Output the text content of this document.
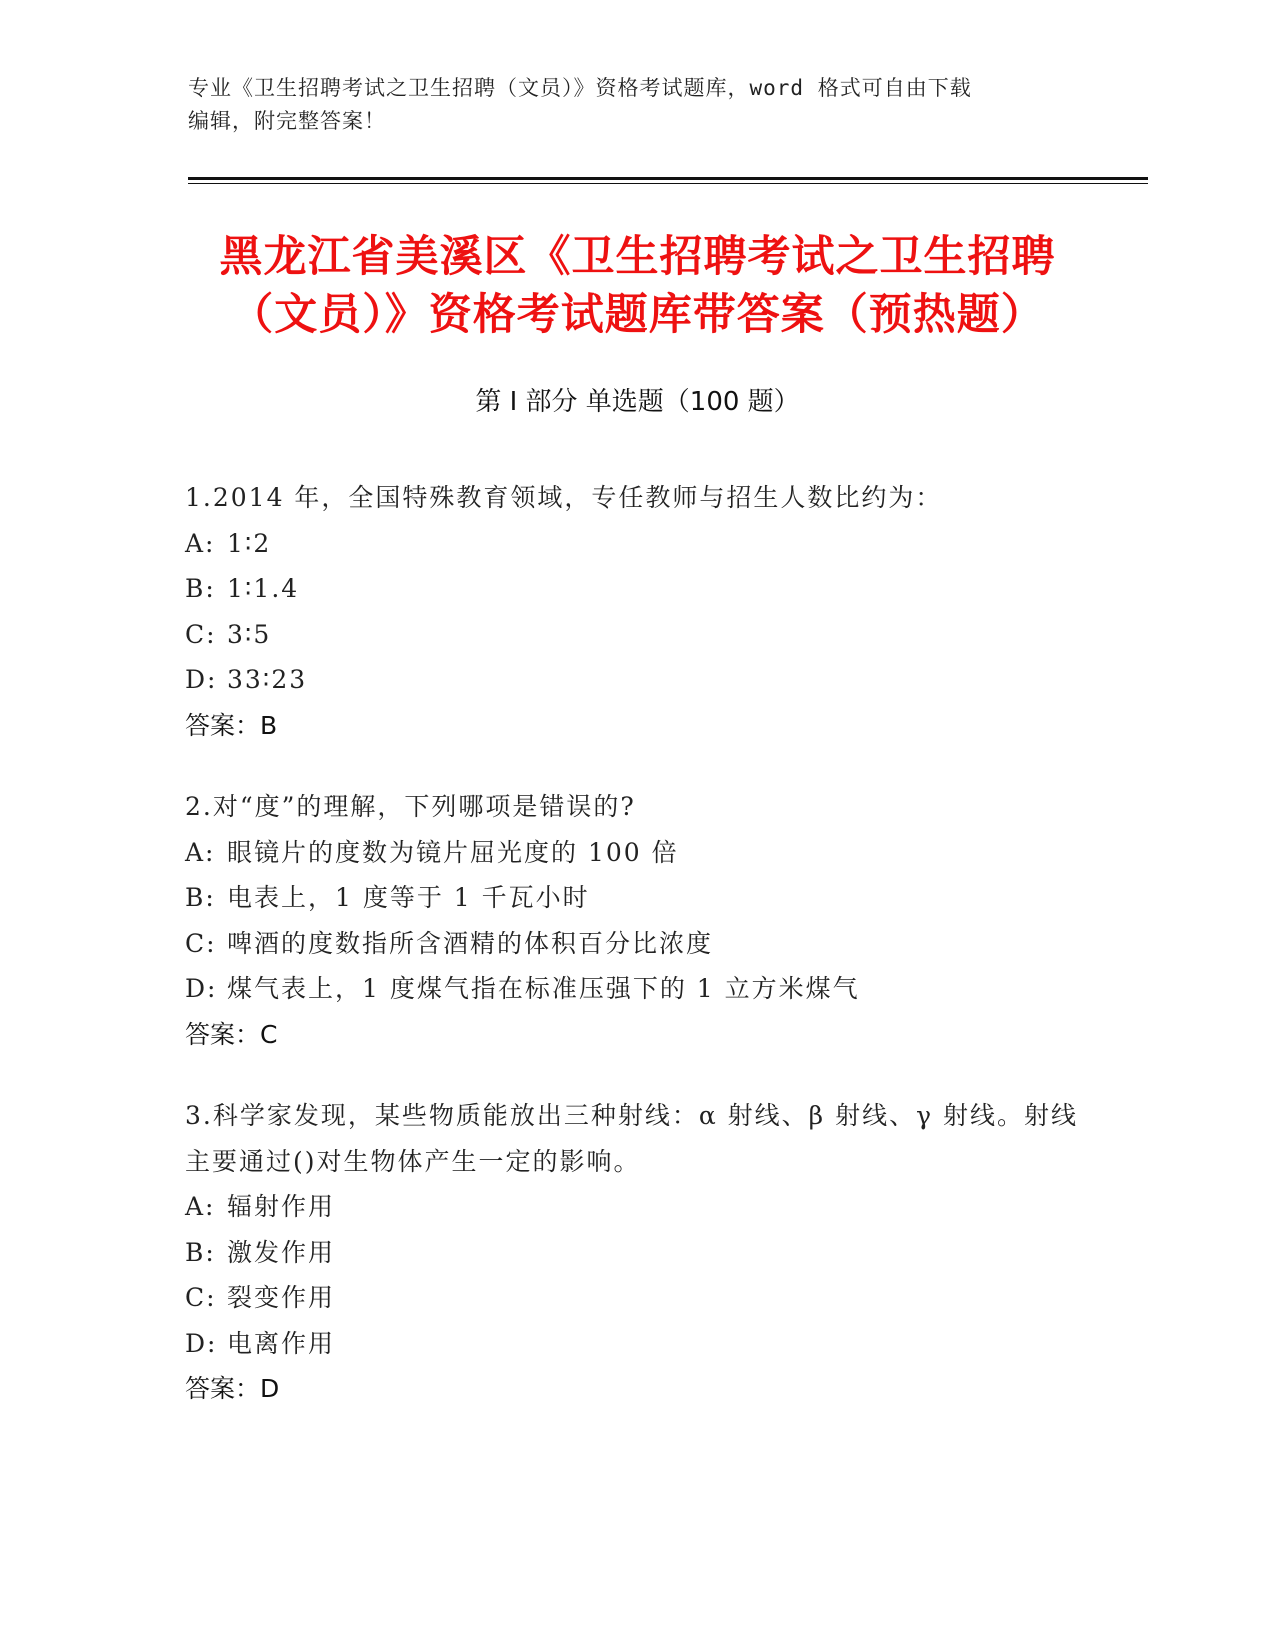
专业《卫生招聘考试之卫生招聘（文员）》资格考试题库，word 格式可自由下载
编辑，附完整答案！
黑龙江省美溪区《卫生招聘考试之卫生招聘
（文员）》资格考试题库带答案（预热题）
第 I 部分 单选题（100 题）
1.2014 年，全国特殊教育领域，专任教师与招生人数比约为：
A: 1∶2
B: 1∶1.4
C: 3∶5
D: 33∶23
答案：B
2.对“度”的理解，下列哪项是错误的?
A: 眼镜片的度数为镜片屈光度的 100 倍
B: 电表上，1 度等于 1 千瓦小时
C: 啤酒的度数指所含酒精的体积百分比浓度
D: 煤气表上，1 度煤气指在标准压强下的 1 立方米煤气
答案：C
3.科学家发现，某些物质能放出三种射线：α 射线、β 射线、γ 射线。射线主要通过()对生物体产生一定的影响。
A: 辐射作用
B: 激发作用
C: 裂变作用
D: 电离作用
答案：D
